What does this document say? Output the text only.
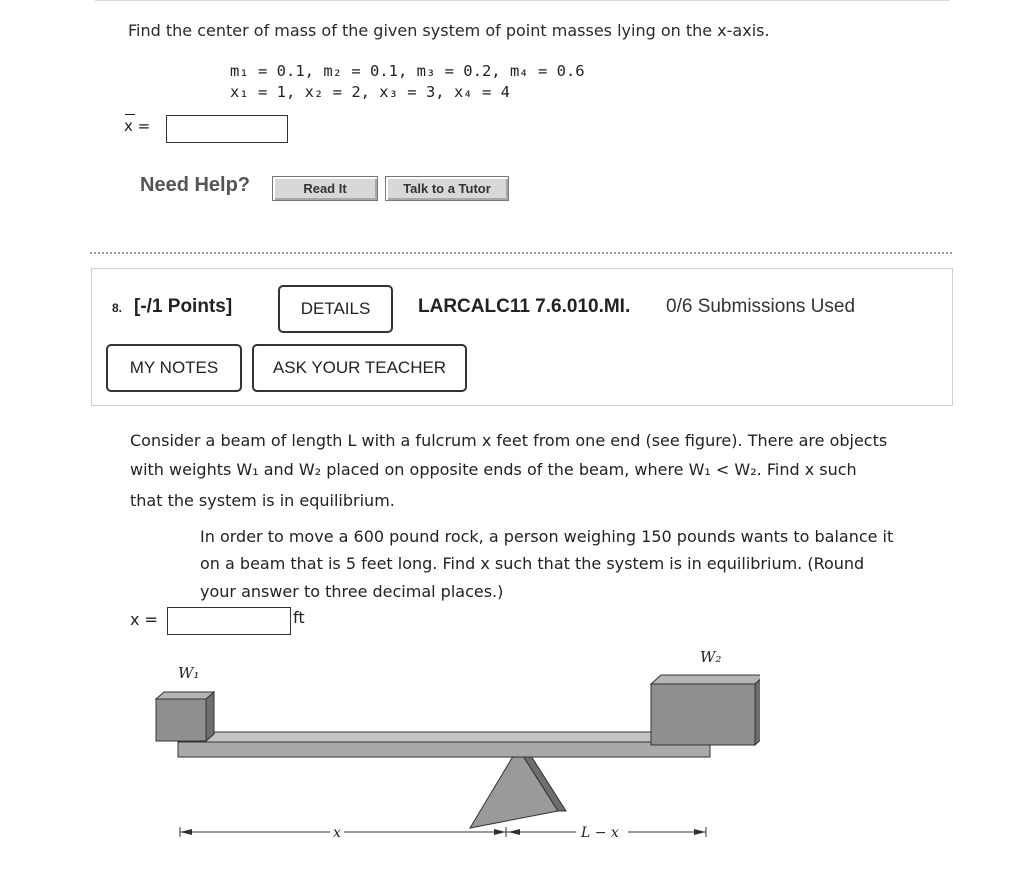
Find the center of mass of the given system of point masses lying on the x-axis.
m₁ = 0.1, m₂ = 0.1, m₃ = 0.2, m₄ = 0.6
x₁ = 1, x₂ = 2, x₃ = 3, x₄ = 4
x =
Need Help?	Read It	Talk to a Tutor
8. [-/1 Points]	DETAILS	LARCALC11 7.6.010.MI. 0/6 Submissions Used
MY NOTES	ASK YOUR TEACHER
Consider a beam of length L with a fulcrum x feet from one end (see figure). There are objects
with weights W₁ and W₂ placed on opposite ends of the beam, where W₁ < W₂. Find x such
that the system is in equilibrium.
In order to move a 600 pound rock, a person weighing 150 pounds wants to balance it
on a beam that is 5 feet long. Find x such that the system is in equilibrium. (Round
your answer to three decimal places.)
x =	ft
W₁
W₂
x	L − x
